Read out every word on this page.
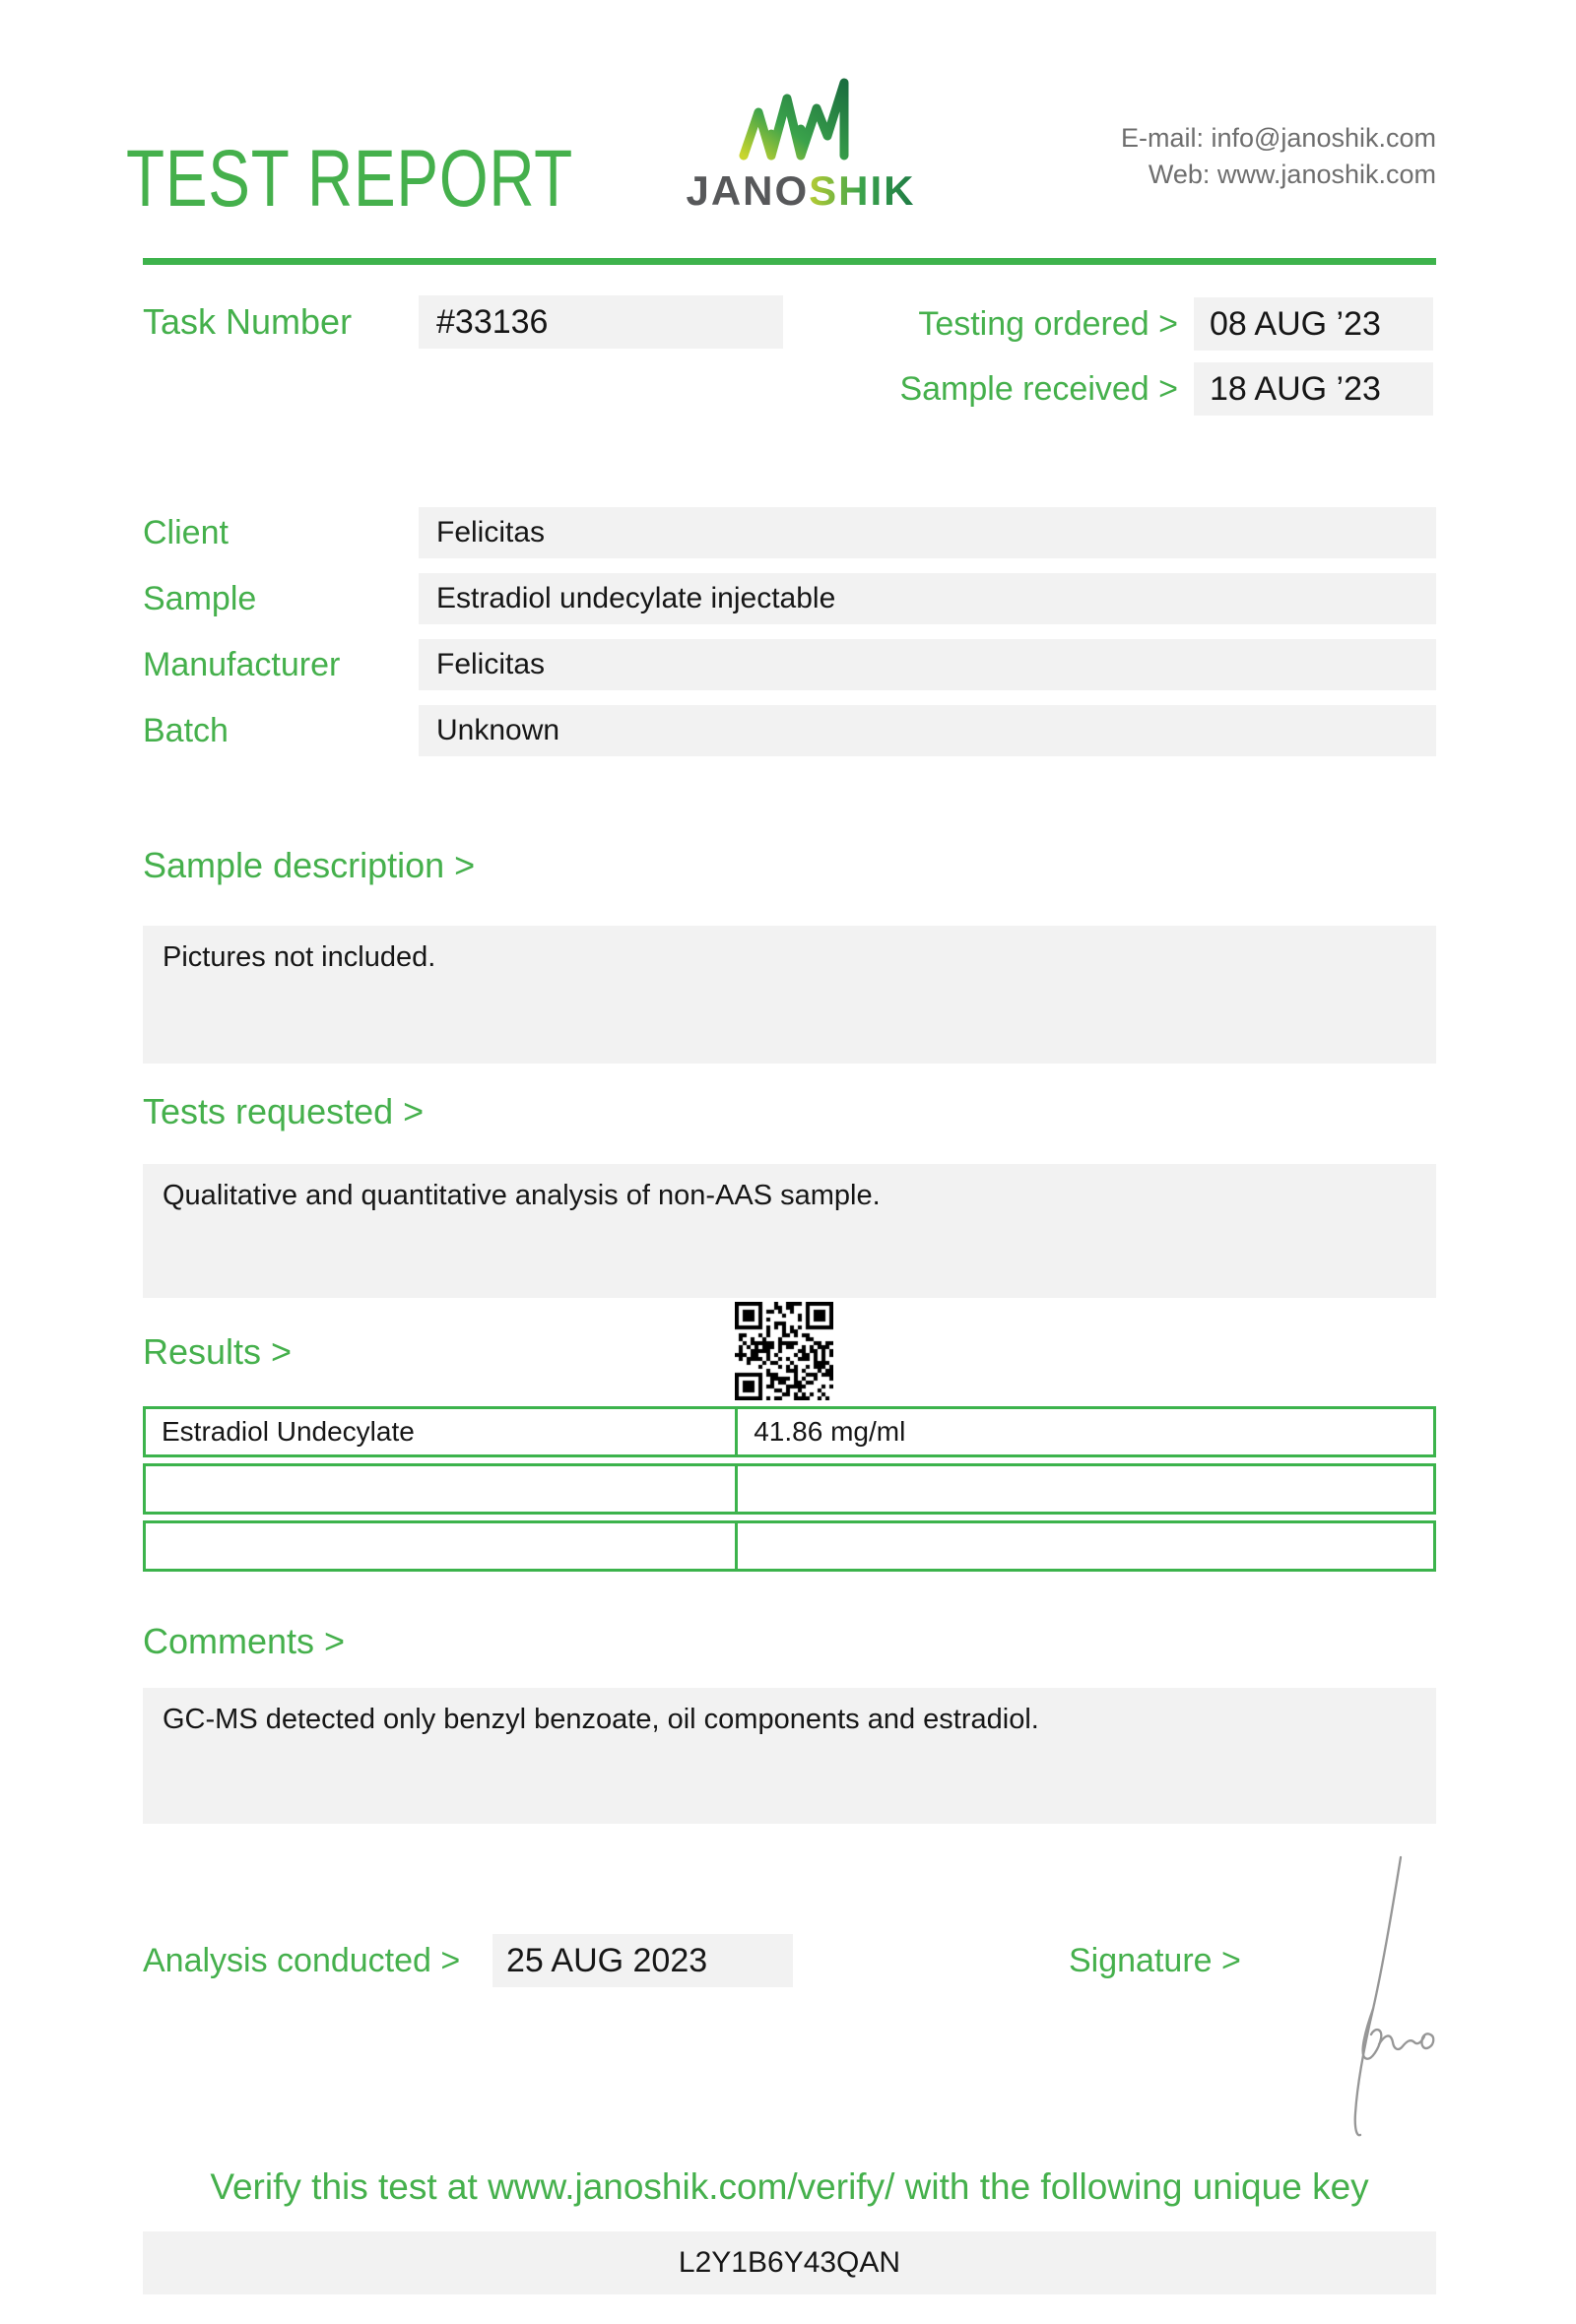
TEST REPORT	JANOSHIK
E-mail: info@janoshik.com
Web: www.janoshik.com
Task Number	#33136	Testing ordered > 08 AUG ’23
Sample received > 18 AUG ’23
Client	Felicitas
Sample	Estradiol undecylate injectable
Manufacturer	Felicitas
Batch	Unknown
Sample description >
Pictures not included.
Tests requested >
Qualitative and quantitative analysis of non-AAS sample.
Results >
Estradiol Undecylate	41.86 mg/ml
Comments >
GC-MS detected only benzyl benzoate, oil components and estradiol.
Analysis conducted >	25 AUG 2023	Signature >
Verify this test at www.janoshik.com/verify/ with the following unique key
L2Y1B6Y43QAN
